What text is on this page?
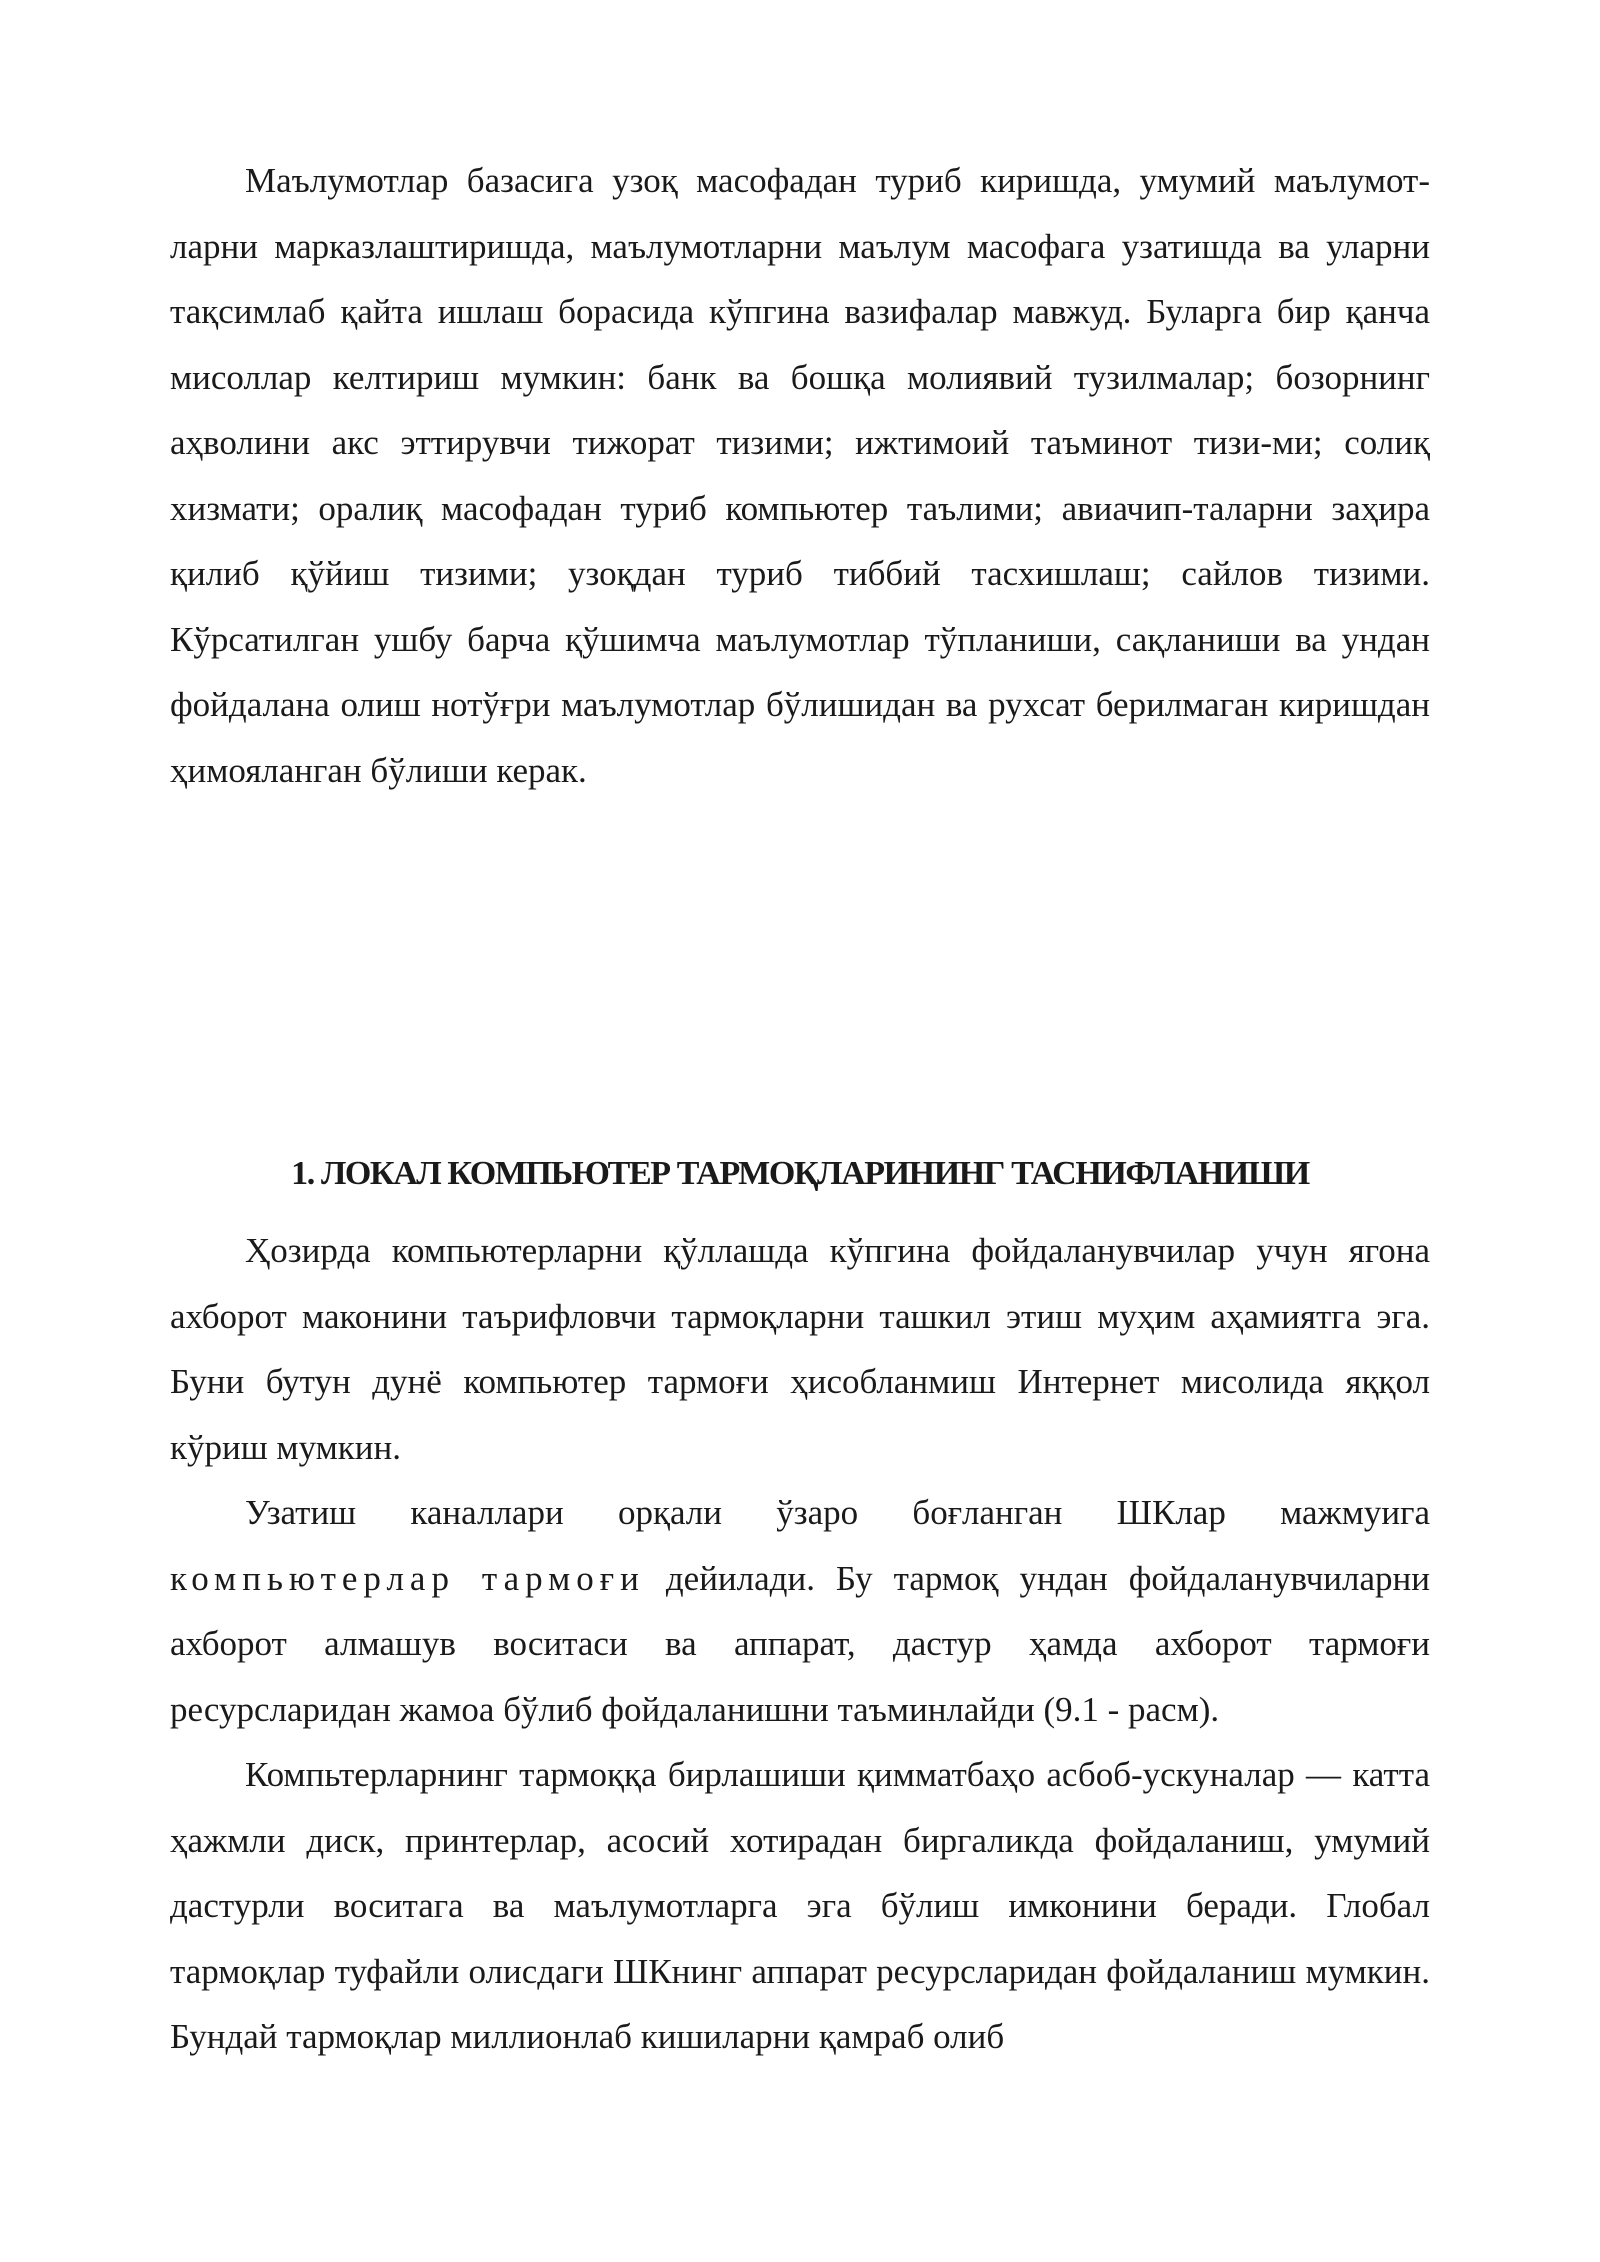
Маълумотлар базасига узоқ масофадан туриб киришда, умумий маълумот-ларни марказлаштиришда, маълумотларни маълум масофага узатишда ва уларни тақсимлаб қайта ишлаш борасида кўпгина вазифалар мавжуд. Буларга бир қанча мисоллар келтириш мумкин: банк ва бошқа молиявий тузилмалар; бозорнинг аҳволини акс эттирувчи тижорат тизими; ижтимоий таъминот тизи-ми; солиқ хизмати; оралиқ масофадан туриб компьютер таълими; авиачип-таларни заҳира қилиб қўйиш тизими; узоқдан туриб тиббий тасхишлаш; сайлов тизими. Кўрсатилган ушбу барча қўшимча маълумотлар тўпланиши, сақланиши ва ундан фойдалана олиш нотўғри маълумотлар бўлишидан ва рухсат берилмаган киришдан ҳимояланган бўлиши керак.

1. ЛОКАЛ КОМПЬЮТЕР ТАРМОҚЛАРИНИНГ ТАСНИФЛАНИШИ

Ҳозирда компьютерларни қўллашда кўпгина фойдаланувчилар учун ягона ахборот маконини таърифловчи тармоқларни ташкил этиш муҳим аҳамиятга эга. Буни бутун дунё компьютер тармоғи ҳисобланмиш Интернет мисолида яққол кўриш мумкин.

Узатиш каналлари орқали ўзаро боғланган ШКлар мажмуига компьютерлар тармоғи дейилади. Бу тармоқ ундан фойдаланувчиларни ахборот алмашув воситаси ва аппарат, дастур ҳамда ахборот тармоғи ресурсларидан жамоа бўлиб фойдаланишни таъминлайди (9.1 - расм).

Компьтерларнинг тармоққа бирлашиши қимматбаҳо асбоб-ускуналар — катта ҳажмли диск, принтерлар, асосий хотирадан биргаликда фойдаланиш, умумий дастурли воситага ва маълумотларга эга бўлиш имконини беради. Глобал тармоқлар туфайли олисдаги ШКнинг аппарат ресурсларидан фойдаланиш мумкин. Бундай тармоқлар миллионлаб кишиларни қамраб олиб
